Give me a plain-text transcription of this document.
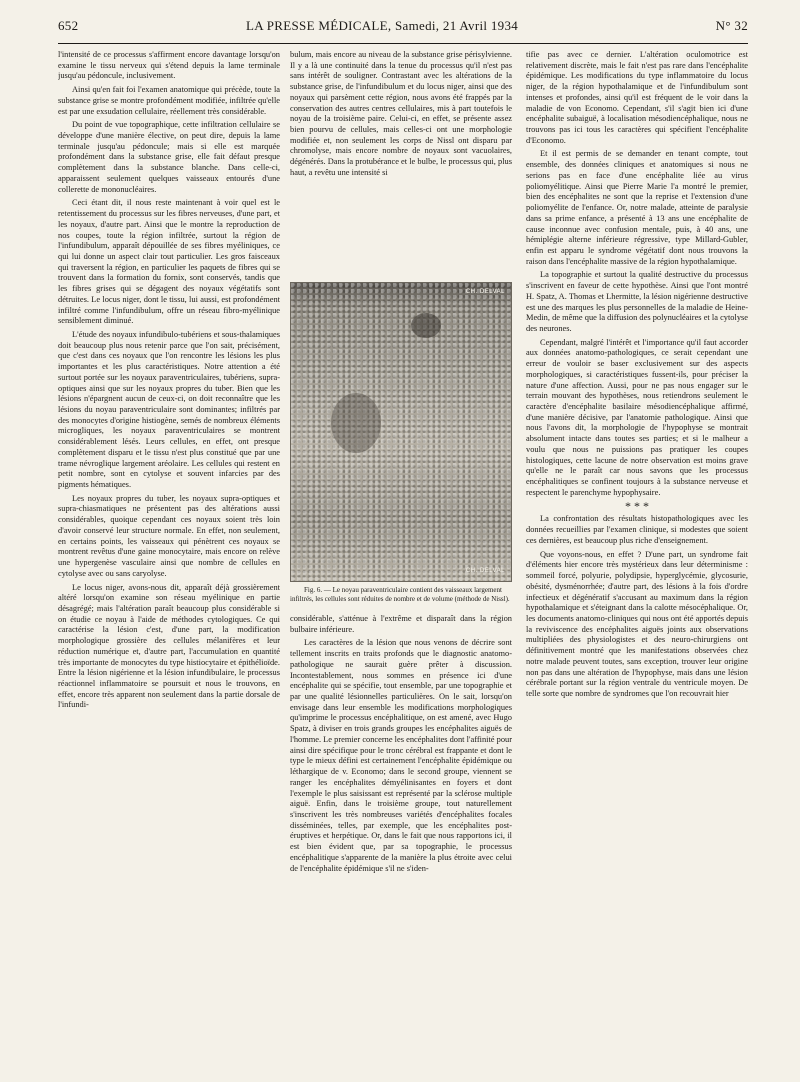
652	LA PRESSE MÉDICALE, Samedi, 21 Avril 1934	N° 32

l'intensité de ce processus s'affirment encore davantage lorsqu'on examine le tissu nerveux qui s'étend depuis la lame terminale jusqu'au pédoncule, inclusivement.

Ainsi qu'en fait foi l'examen anatomique qui précède, toute la substance grise se montre profondément modifiée, infiltrée qu'elle est par une exsudation cellulaire, réellement très considérable.

Du point de vue topographique, cette infiltration cellulaire se développe d'une manière élective, on peut dire, depuis la lame terminale jusqu'au pédoncule; mais si elle est marquée profondément dans la substance grise, elle fait défaut presque complètement dans la substance blanche. Dans celle-ci, apparaissent seulement quelques vaisseaux entourés d'une collerette de mononucléaires.

Ceci étant dit, il nous reste maintenant à voir quel est le retentissement du processus sur les fibres nerveuses, d'une part, et les noyaux, d'autre part. Ainsi que le montre la reproduction de nos coupes, toute la région infiltrée, surtout la région de l'infundibulum, apparaît dépouillée de ses fibres myéliniques, ce qui lui donne un aspect clair tout particulier. Les gros faisceaux qui traversent la région, en particulier les paquets de fibres qui se trouvent dans la formation du fornix, sont conservés, tandis que les fibres grises qui se dégagent des noyaux végétatifs sont détruites. Le locus niger, dont le tissu, lui aussi, est profondément infiltré comme l'infundibulum, offre un réseau fibro-myélinique sensiblement diminué.

L'étude des noyaux infundibulo-tubériens et sous-thalamiques doit beaucoup plus nous retenir parce que l'on sait, précisément, que c'est dans ces noyaux que l'on rencontre les lésions les plus importantes et les plus caractéristiques. Notre attention a été surtout portée sur les noyaux paraventriculaires, tubériens, supra-optiques ainsi que sur les noyaux propres du tuber. Bien que les lésions n'épargnent aucun de ceux-ci, on doit reconnaître que les lésions du noyau paraventriculaire sont dominantes; infiltrés par des monocytes d'origine histiogène, semés de nombreux éléments microgliques, les noyaux paraventriculaires se montrent considérablement lésés. Leurs cellules, en effet, ont presque complètement disparu et le tissu n'est plus constitué que par une trame névroglique largement aréolaire. Les cellules qui restent en petit nombre, sont en cytolyse et souvent infarcies par des pigments hématiques.

Les noyaux propres du tuber, les noyaux supra-optiques et supra-chiasmatiques ne présentent pas des altérations aussi considérables, quoique cependant ces noyaux soient très loin d'avoir conservé leur structure normale. En effet, non seulement, en certains points, les vaisseaux qui pénètrent ces noyaux se montrent revêtus d'une gaine monocytaire, mais encore on relève une hypergenèse vasculaire ainsi que nombre de cellules en cytolyse avec ou sans caryolyse.

Le locus niger, avons-nous dit, apparaît déjà grossièrement altéré lorsqu'on examine son réseau myélinique en partie désagrégé; mais l'altération paraît beaucoup plus considérable si on étudie ce noyau à l'aide de méthodes cytologiques. Ce qui caractérise la lésion c'est, d'une part, la modification morphologique grossière des cellules mélanifères et leur réduction numérique et, d'autre part, l'accumulation en quantité très importante de monocytes du type histiocytaire et épithélioïde. Entre la lésion nigérienne et la lésion infundibulaire, le processus réactionnel inflammatoire se poursuit et nous le trouvons, en effet, encore très apparent non seulement dans la partie dorsale de l'infundi-

bulum, mais encore au niveau de la substance grise périsylvienne. Il y a là une continuité dans la tenue du processus qu'il n'est pas sans intérêt de souligner. Contrastant avec les altérations de la substance grise, de l'infundibulum et du locus niger, ainsi que des noyaux qui parsèment cette région, nous avons été frappés par la conservation des autres centres cellulaires, mis à part toutefois le noyau de la troisième paire. Celui-ci, en effet, se présente assez bien pourvu de cellules, mais celles-ci ont une morphologie modifiée et, non seulement les corps de Nissl ont disparu par chromolyse, mais encore nombre de noyaux sont vacuolaires, dégénérés. Dans la protubérance et le bulbe, le processus qui, plus haut, a revêtu une intensité si

CH. DELVAL
CH. DELVAL

Fig. 6. — Le noyau paraventriculaire contient des vaisseaux largement infiltrés, les cellules sont réduites de nombre et de volume (méthode de Nissl).

considérable, s'atténue à l'extrême et disparaît dans la région bulbaire inférieure.

Les caractères de la lésion que nous venons de décrire sont tellement inscrits en traits profonds que le diagnostic anatomo-pathologique ne saurait guère prêter à discussion. Incontestablement, nous sommes en présence ici d'une encéphalite qui se spécifie, tout ensemble, par une topographie et par une qualité lésionnelles particulières. On le sait, lorsqu'on envisage dans leur ensemble les modifications morphologiques qu'imprime le processus encéphalitique, on est amené, avec Hugo Spatz, à diviser en trois grands groupes les encéphalites aiguës de l'homme. Le premier concerne les encéphalites dont l'affinité pour ainsi dire spécifique pour le tronc cérébral est frappante et dont le type le mieux défini est certainement l'encéphalite épidémique ou léthargique de v. Economo; dans le second groupe, viennent se ranger les encéphalites démyélinisantes en foyers et dont l'exemple le plus saisissant est représenté par la sclérose multiple aiguë. Enfin, dans le troisième groupe, tout naturellement s'inscrivent les très nombreuses variétés d'encéphalites focales disséminées, telles, par exemple, que les encéphalites post-éruptives et herpétique. Or, dans le fait que nous rapportons ici, il est bien évident que, par sa topographie, le processus encéphalitique s'apparente de la manière la plus étroite avec celui de l'encéphalite épidémique s'il ne s'iden-

tifie pas avec ce dernier. L'altération oculomotrice est relativement discrète, mais le fait n'est pas rare dans l'encéphalite épidémique. Les modifications du type inflammatoire du locus niger, de la région hypothalamique et de l'infundibulum sont intenses et profondes, ainsi qu'il est fréquent de le voir dans la maladie de von Economo. Cependant, s'il s'agit bien ici d'une encéphalite subaiguë, à localisation mésodiencéphalique, nous ne trouvons pas ici tous les caractères qui spécifient l'encéphalite d'Economo.

Et il est permis de se demander en tenant compte, tout ensemble, des données cliniques et anatomiques si nous ne serions pas en face d'une encéphalite liée au virus poliomyélitique. Ainsi que Pierre Marie l'a montré le premier, bien des encéphalites ne sont que la reprise et l'extension d'une poliomyélite de l'enfance. Or, notre malade, atteinte de paralysie dans sa prime enfance, a présenté à 13 ans une encéphalite de cause inconnue avec confusion mentale, puis, à 40 ans, une hémiplégie alterne inférieure régressive, type Millard-Gubler, enfin est apparu le syndrome végétatif dont nous trouvons la raison dans l'encéphalite massive de la région hypothalamique.

La topographie et surtout la qualité destructive du processus s'inscrivent en faveur de cette hypothèse. Ainsi que l'ont montré H. Spatz, A. Thomas et Lhermitte, la lésion nigérienne destructive est une des marques les plus personnelles de la maladie de Heine-Medin, de même que la diffusion des polynucléaires et la cytolyse des neurones.

Cependant, malgré l'intérêt et l'importance qu'il faut accorder aux données anatomo-pathologiques, ce serait cependant une erreur de vouloir se baser exclusivement sur des aspects morphologiques, si caractéristiques fussent-ils, pour préciser la nature d'une affection. Aussi, pour ne pas nous engager sur le terrain mouvant des hypothèses, nous retiendrons seulement le caractère d'encéphalite basilaire mésodiencéphalique affirmé, d'une manière décisive, par l'anatomie pathologique. Ainsi que nous l'avons dit, la morphologie de l'hypophyse se montrait absolument intacte dans toutes ses parties; et si le malheur a voulu que nous ne puissions pas pratiquer les coupes histologiques, cette lacune de notre observation est moins grave qu'elle ne le paraît car nous savons que les processus encéphalitiques se confinent toujours à la substance nerveuse et respectent le parenchyme hypophysaire.

* * *

La confrontation des résultats histopathologiques avec les données recueillies par l'examen clinique, si modestes que soient ces dernières, est beaucoup plus riche d'enseignement.

Que voyons-nous, en effet ? D'une part, un syndrome fait d'éléments hier encore très mystérieux dans leur déterminisme : sommeil forcé, polyurie, polydipsie, hyperglycémie, glycosurie, obésité, dysménorrhée; d'autre part, des lésions à la fois d'ordre infectieux et dégénératif s'accusant au maximum dans la région hypothalamique et s'éteignant dans la calotte mésocéphalique. Or, les documents anatomo-cliniques qui nous ont été apportés depuis la reviviscence des encéphalites aiguës joints aux observations multipliées des physiologistes et des neuro-chirurgiens ont définitivement montré que les manifestations observées chez notre malade peuvent toutes, sans exception, trouver leur origine non pas dans une altération de l'hypophyse, mais dans une lésion cérébrale portant sur la région ventrale du ventricule moyen. De telle sorte que nombre de syndromes que l'on recouvrait hier
